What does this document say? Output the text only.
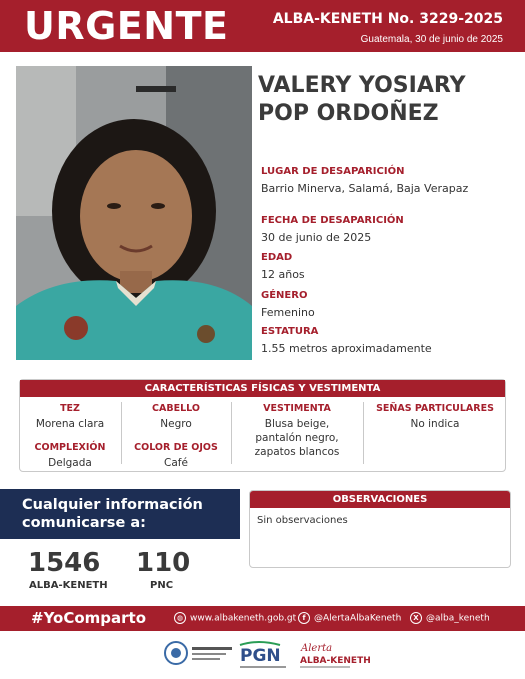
URGENTE	ALBA-KENETH No. 3229-2025
Guatemala, 30 de junio de 2025
VALERY YOSIARY
POP ORDOÑEZ
LUGAR DE DESAPARICIÓN
Barrio Minerva, Salamá, Baja Verapaz
FECHA DE DESAPARICIÓN
30 de junio de 2025
EDAD
12 años
GÉNERO
Femenino
ESTATURA
1.55 metros aproximadamente
CARACTERÍSTICAS FÍSICAS Y VESTIMENTA
TEZ
Morena clara
COMPLEXIÓN
Delgada
CABELLO
Negro
COLOR DE OJOS
Café
VESTIMENTA
Blusa beige,
pantalón negro,
zapatos blancos
SEÑAS PARTICULARES
No indica
Cualquier información
comunicarse a:
1546
ALBA-KENETH
110
PNC
OBSERVACIONES
Sin observaciones
#YoComparto	◍ www.albakeneth.gob.gt f @AlertaAlbaKeneth	X @alba_keneth
PGN Alerta
ALBA-KENETH
